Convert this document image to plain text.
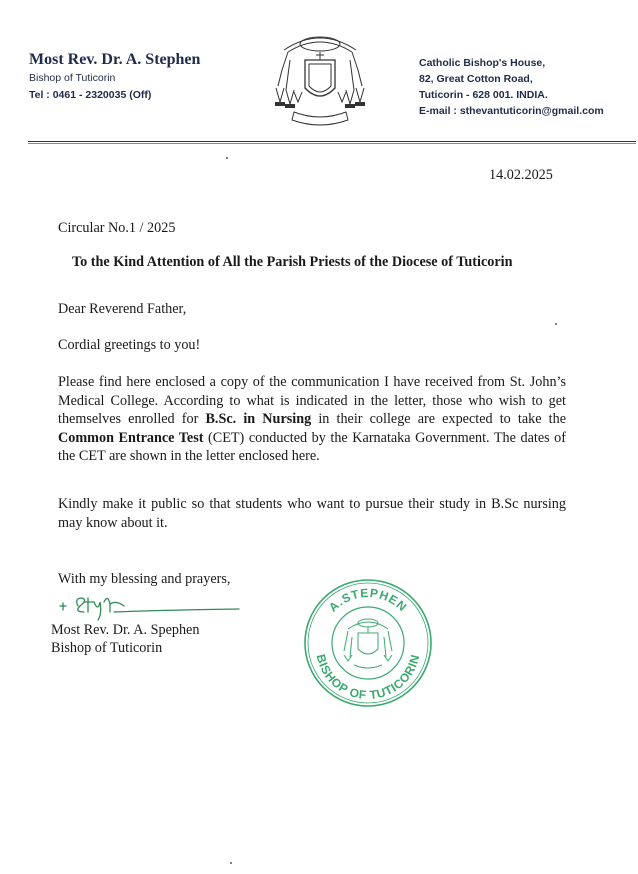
Most Rev. Dr. A. Stephen
Bishop of Tuticorin
Tel : 0461 - 2320035 (Off)
Catholic Bishop's House,
82, Great Cotton Road,
Tuticorin - 628 001. INDIA.
E-mail : sthevantuticorin@gmail.com
14.02.2025
Circular No.1 / 2025
To the Kind Attention of All the Parish Priests of the Diocese of Tuticorin
Dear Reverend Father,
Cordial greetings to you!
Please find here enclosed a copy of the communication I have received from St. John’s Medical College. According to what is indicated in the letter, those who wish to get themselves enrolled for B.Sc. in Nursing in their college are expected to take the Common Entrance Test (CET) conducted by the Karnataka Government. The dates of the CET are shown in the letter enclosed here.
Kindly make it public so that students who want to pursue their study in B.Sc nursing may know about it.
With my blessing and prayers,
Most Rev. Dr. A. Spephen
Bishop of Tuticorin
A.STEPHEN
BISHOP OF TUTICORIN
